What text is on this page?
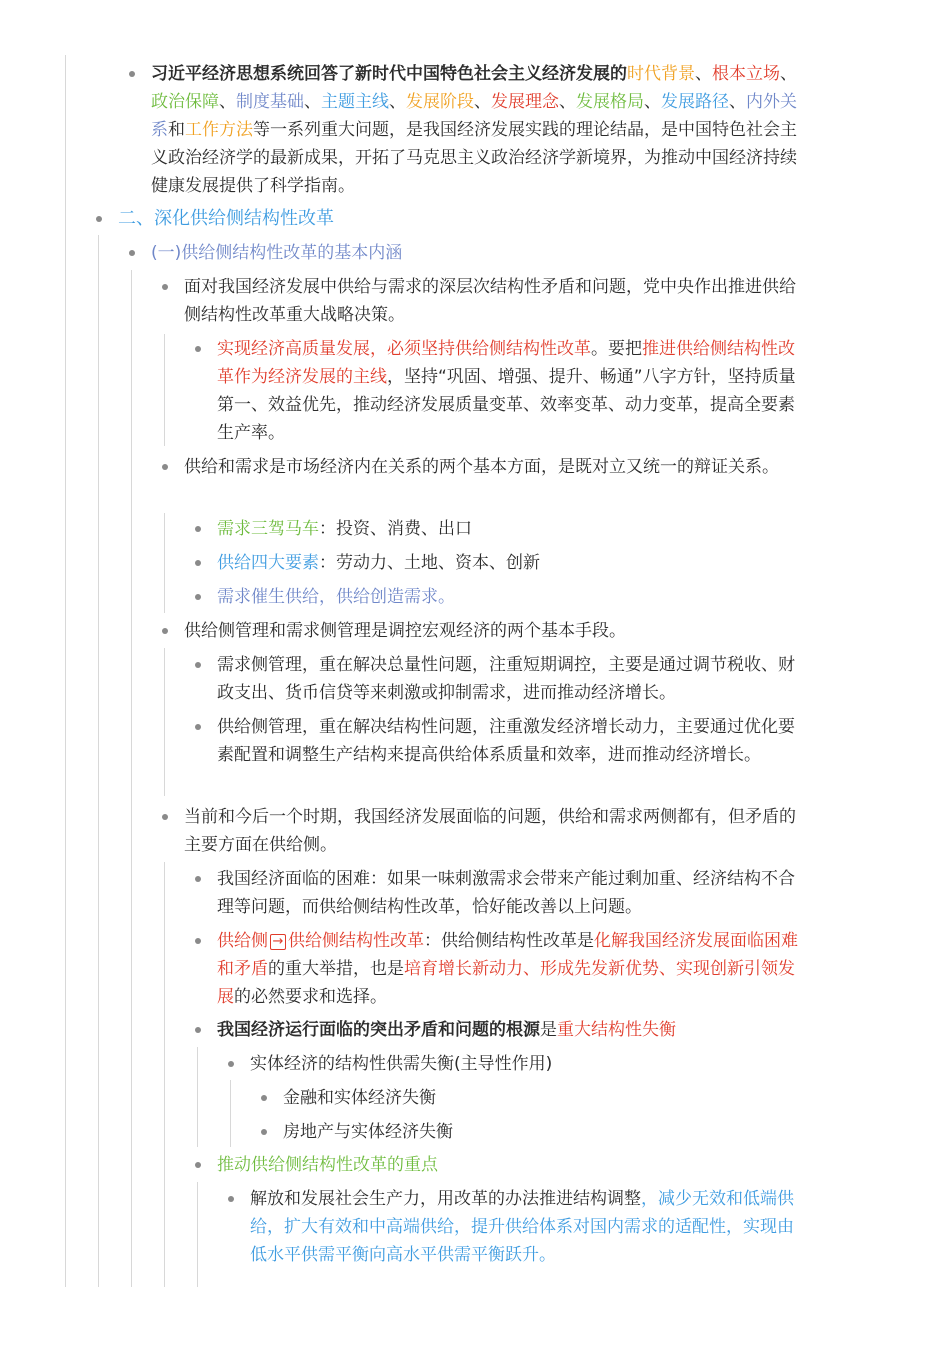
习近平经济思想系统回答了新时代中国特色社会主义经济发展的时代背景、根本立场、政治保障、制度基础、主题主线、发展阶段、发展理念、发展格局、发展路径、内外关系和工作方法等一系列重大问题，是我国经济发展实践的理论结晶，是中国特色社会主义政治经济学的最新成果，开拓了马克思主义政治经济学新境界，为推动中国经济持续健康发展提供了科学指南。
二、深化供给侧结构性改革
(一)供给侧结构性改革的基本内涵
面对我国经济发展中供给与需求的深层次结构性矛盾和问题，党中央作出推进供给侧结构性改革重大战略决策。
实现经济高质量发展，必须坚持供给侧结构性改革。要把推进供给侧结构性改革作为经济发展的主线，坚持“巩固、增强、提升、畅通”八字方针，坚持质量第一、效益优先，推动经济发展质量变革、效率变革、动力变革，提高全要素生产率。
供给和需求是市场经济内在关系的两个基本方面，是既对立又统一的辩证关系。
需求三驾马车：投资、消费、出口
供给四大要素：劳动力、土地、资本、创新
需求催生供给，供给创造需求。
供给侧管理和需求侧管理是调控宏观经济的两个基本手段。
需求侧管理，重在解决总量性问题，注重短期调控，主要是通过调节税收、财政支出、货币信贷等来刺激或抑制需求，进而推动经济增长。
供给侧管理，重在解决结构性问题，注重激发经济增长动力，主要通过优化要素配置和调整生产结构来提高供给体系质量和效率，进而推动经济增长。
当前和今后一个时期，我国经济发展面临的问题，供给和需求两侧都有，但矛盾的主要方面在供给侧。
我国经济面临的困难：如果一味刺激需求会带来产能过剩加重、经济结构不合理等问题，而供给侧结构性改革，恰好能改善以上问题。
供给侧 → 供给侧结构性改革：供给侧结构性改革是化解我国经济发展面临困难和矛盾的重大举措，也是培育增长新动力、形成先发新优势、实现创新引领发展的必然要求和选择。
我国经济运行面临的突出矛盾和问题的根源是重大结构性失衡
实体经济的结构性供需失衡(主导性作用)
金融和实体经济失衡
房地产与实体经济失衡
推动供给侧结构性改革的重点
解放和发展社会生产力，用改革的办法推进结构调整，减少无效和低端供给，扩大有效和中高端供给，提升供给体系对国内需求的适配性，实现由低水平供需平衡向高水平供需平衡跃升。
